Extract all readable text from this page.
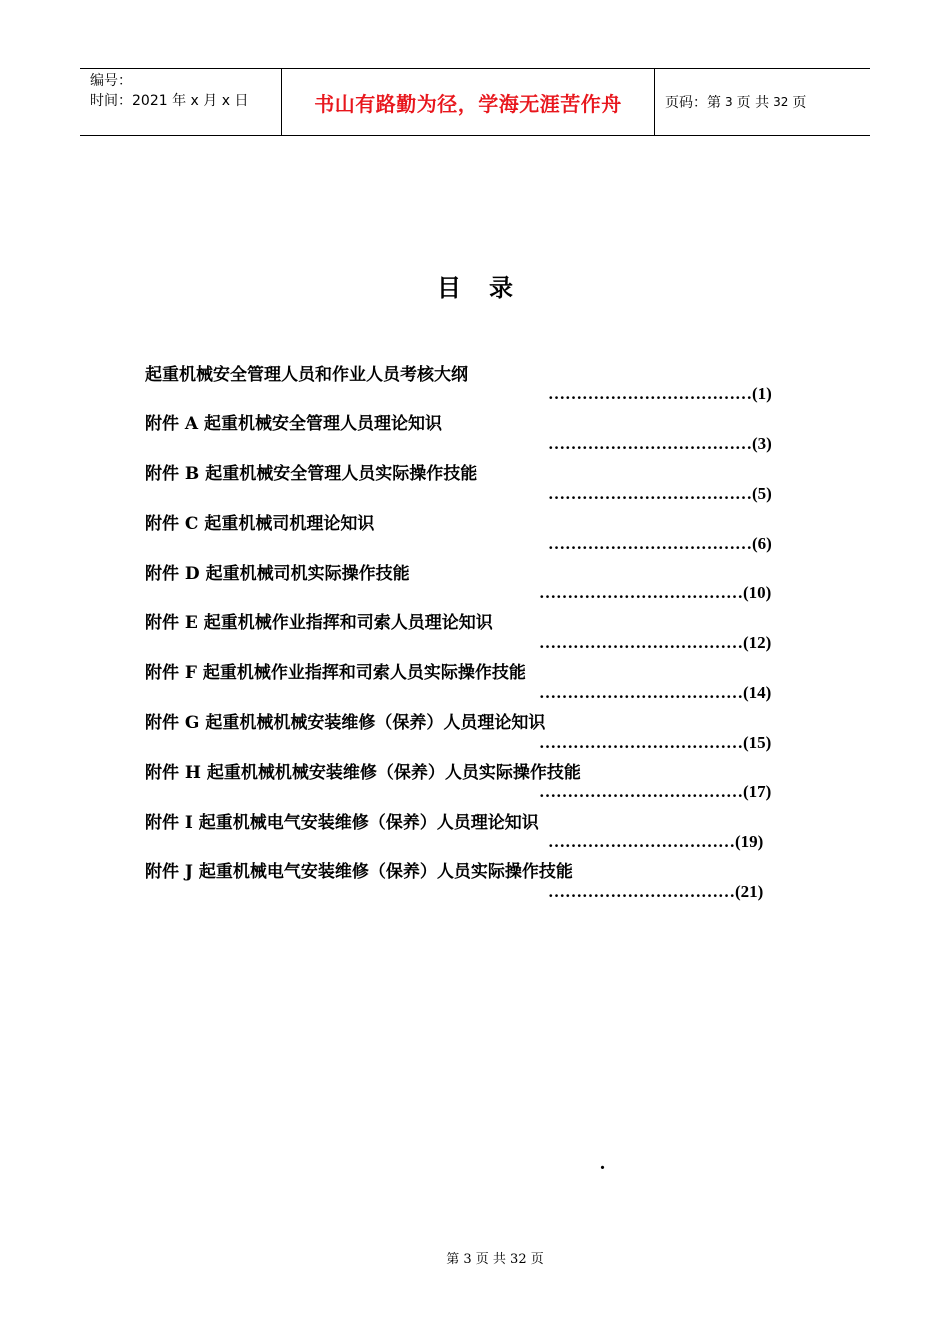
编号：
时间：2021 年 x 月 x 日	书山有路勤为径，学海无涯苦作舟	页码：第 3 页 共 32 页
目录
起重机械安全管理人员和作业人员考核大纲
………………………………(1)
附件 A 起重机械安全管理人员理论知识
………………………………(3)
附件 B 起重机械安全管理人员实际操作技能
………………………………(5)
附件 C 起重机械司机理论知识
………………………………(6)
附件 D 起重机械司机实际操作技能
………………………………(10)
附件 E 起重机械作业指挥和司索人员理论知识
………………………………(12)
附件 F 起重机械作业指挥和司索人员实际操作技能
………………………………(14)
附件 G 起重机械机械安装维修（保养）人员理论知识
………………………………(15)
附件 H 起重机械机械安装维修（保养）人员实际操作技能
………………………………(17)
附件 I 起重机械电气安装维修（保养）人员理论知识
……………………………(19)
附件 J 起重机械电气安装维修（保养）人员实际操作技能
……………………………(21)
.
第 3 页 共 32 页
